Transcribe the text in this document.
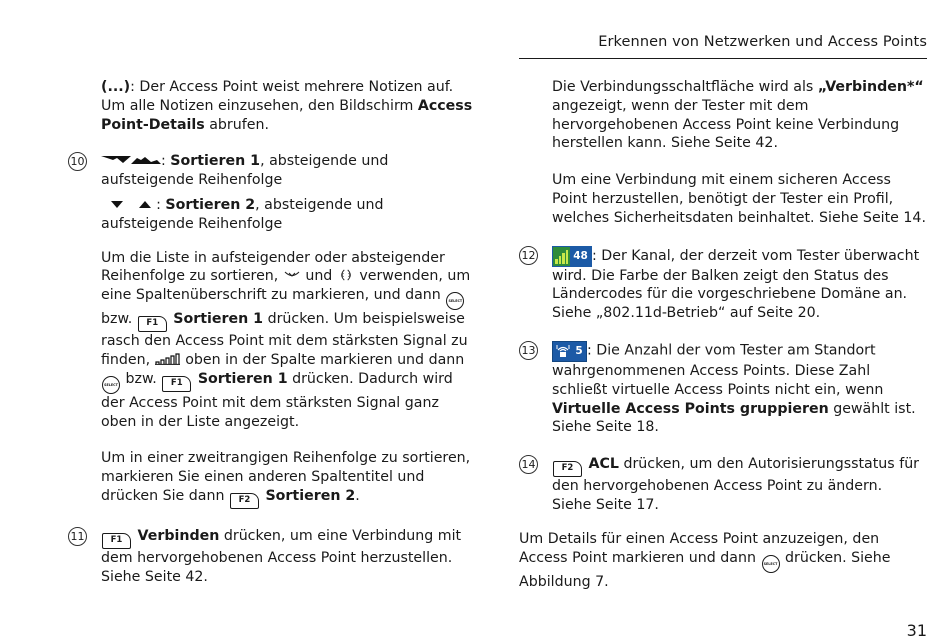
Erkennen von Netzwerken und Access Points

(...): Der Access Point weist mehrere Notizen auf. Um alle Notizen einzusehen, den Bildschirm Access Point-Details abrufen.

10	: Sortieren 1, absteigende und aufsteigende Reihenfolge

: Sortieren 2, absteigende und aufsteigende Reihenfolge

Um die Liste in aufsteigender oder absteigender Reihenfolge zu sortieren,  und  verwenden, um eine Spaltenüberschrift zu markieren, und dann SELECT bzw. F1 Sortieren 1 drücken. Um beispielsweise rasch den Access Point mit dem stärksten Signal zu finden,  oben in der Spalte markieren und dann SELECT bzw. F1 Sortieren 1 drücken. Dadurch wird der Access Point mit dem stärksten Signal ganz oben in der Liste angezeigt.

Um in einer zweitrangigen Reihenfolge zu sortieren, markieren Sie einen anderen Spaltentitel und drücken Sie dann F2 Sortieren 2.

11	F1 Verbinden drücken, um eine Verbindung mit dem hervorgehobenen Access Point herzustellen. Siehe Seite 42.

Die Verbindungsschaltfläche wird als „Verbinden*“ angezeigt, wenn der Tester mit dem hervorgehobenen Access Point keine Verbindung herstellen kann. Siehe Seite 42.

Um eine Verbindung mit einem sicheren Access Point herzustellen, benötigt der Tester ein Profil, welches Sicherheitsdaten beinhaltet. Siehe Seite 14.

12	48 : Der Kanal, der derzeit vom Tester überwacht wird. Die Farbe der Balken zeigt den Status des Ländercodes für die vorgeschriebene Domäne an. Siehe „802.11d-Betrieb“ auf Seite 20.

13	5 : Die Anzahl der vom Tester am Standort wahrgenommenen Access Points. Diese Zahl schließt virtuelle Access Points nicht ein, wenn Virtuelle Access Points gruppieren gewählt ist. Siehe Seite 18.

14	F2 ACL drücken, um den Autorisierungsstatus für den hervorgehobenen Access Point zu ändern.
Siehe Seite 17.

Um Details für einen Access Point anzuzeigen, den Access Point markieren und dann SELECT drücken. Siehe Abbildung 7.

31
